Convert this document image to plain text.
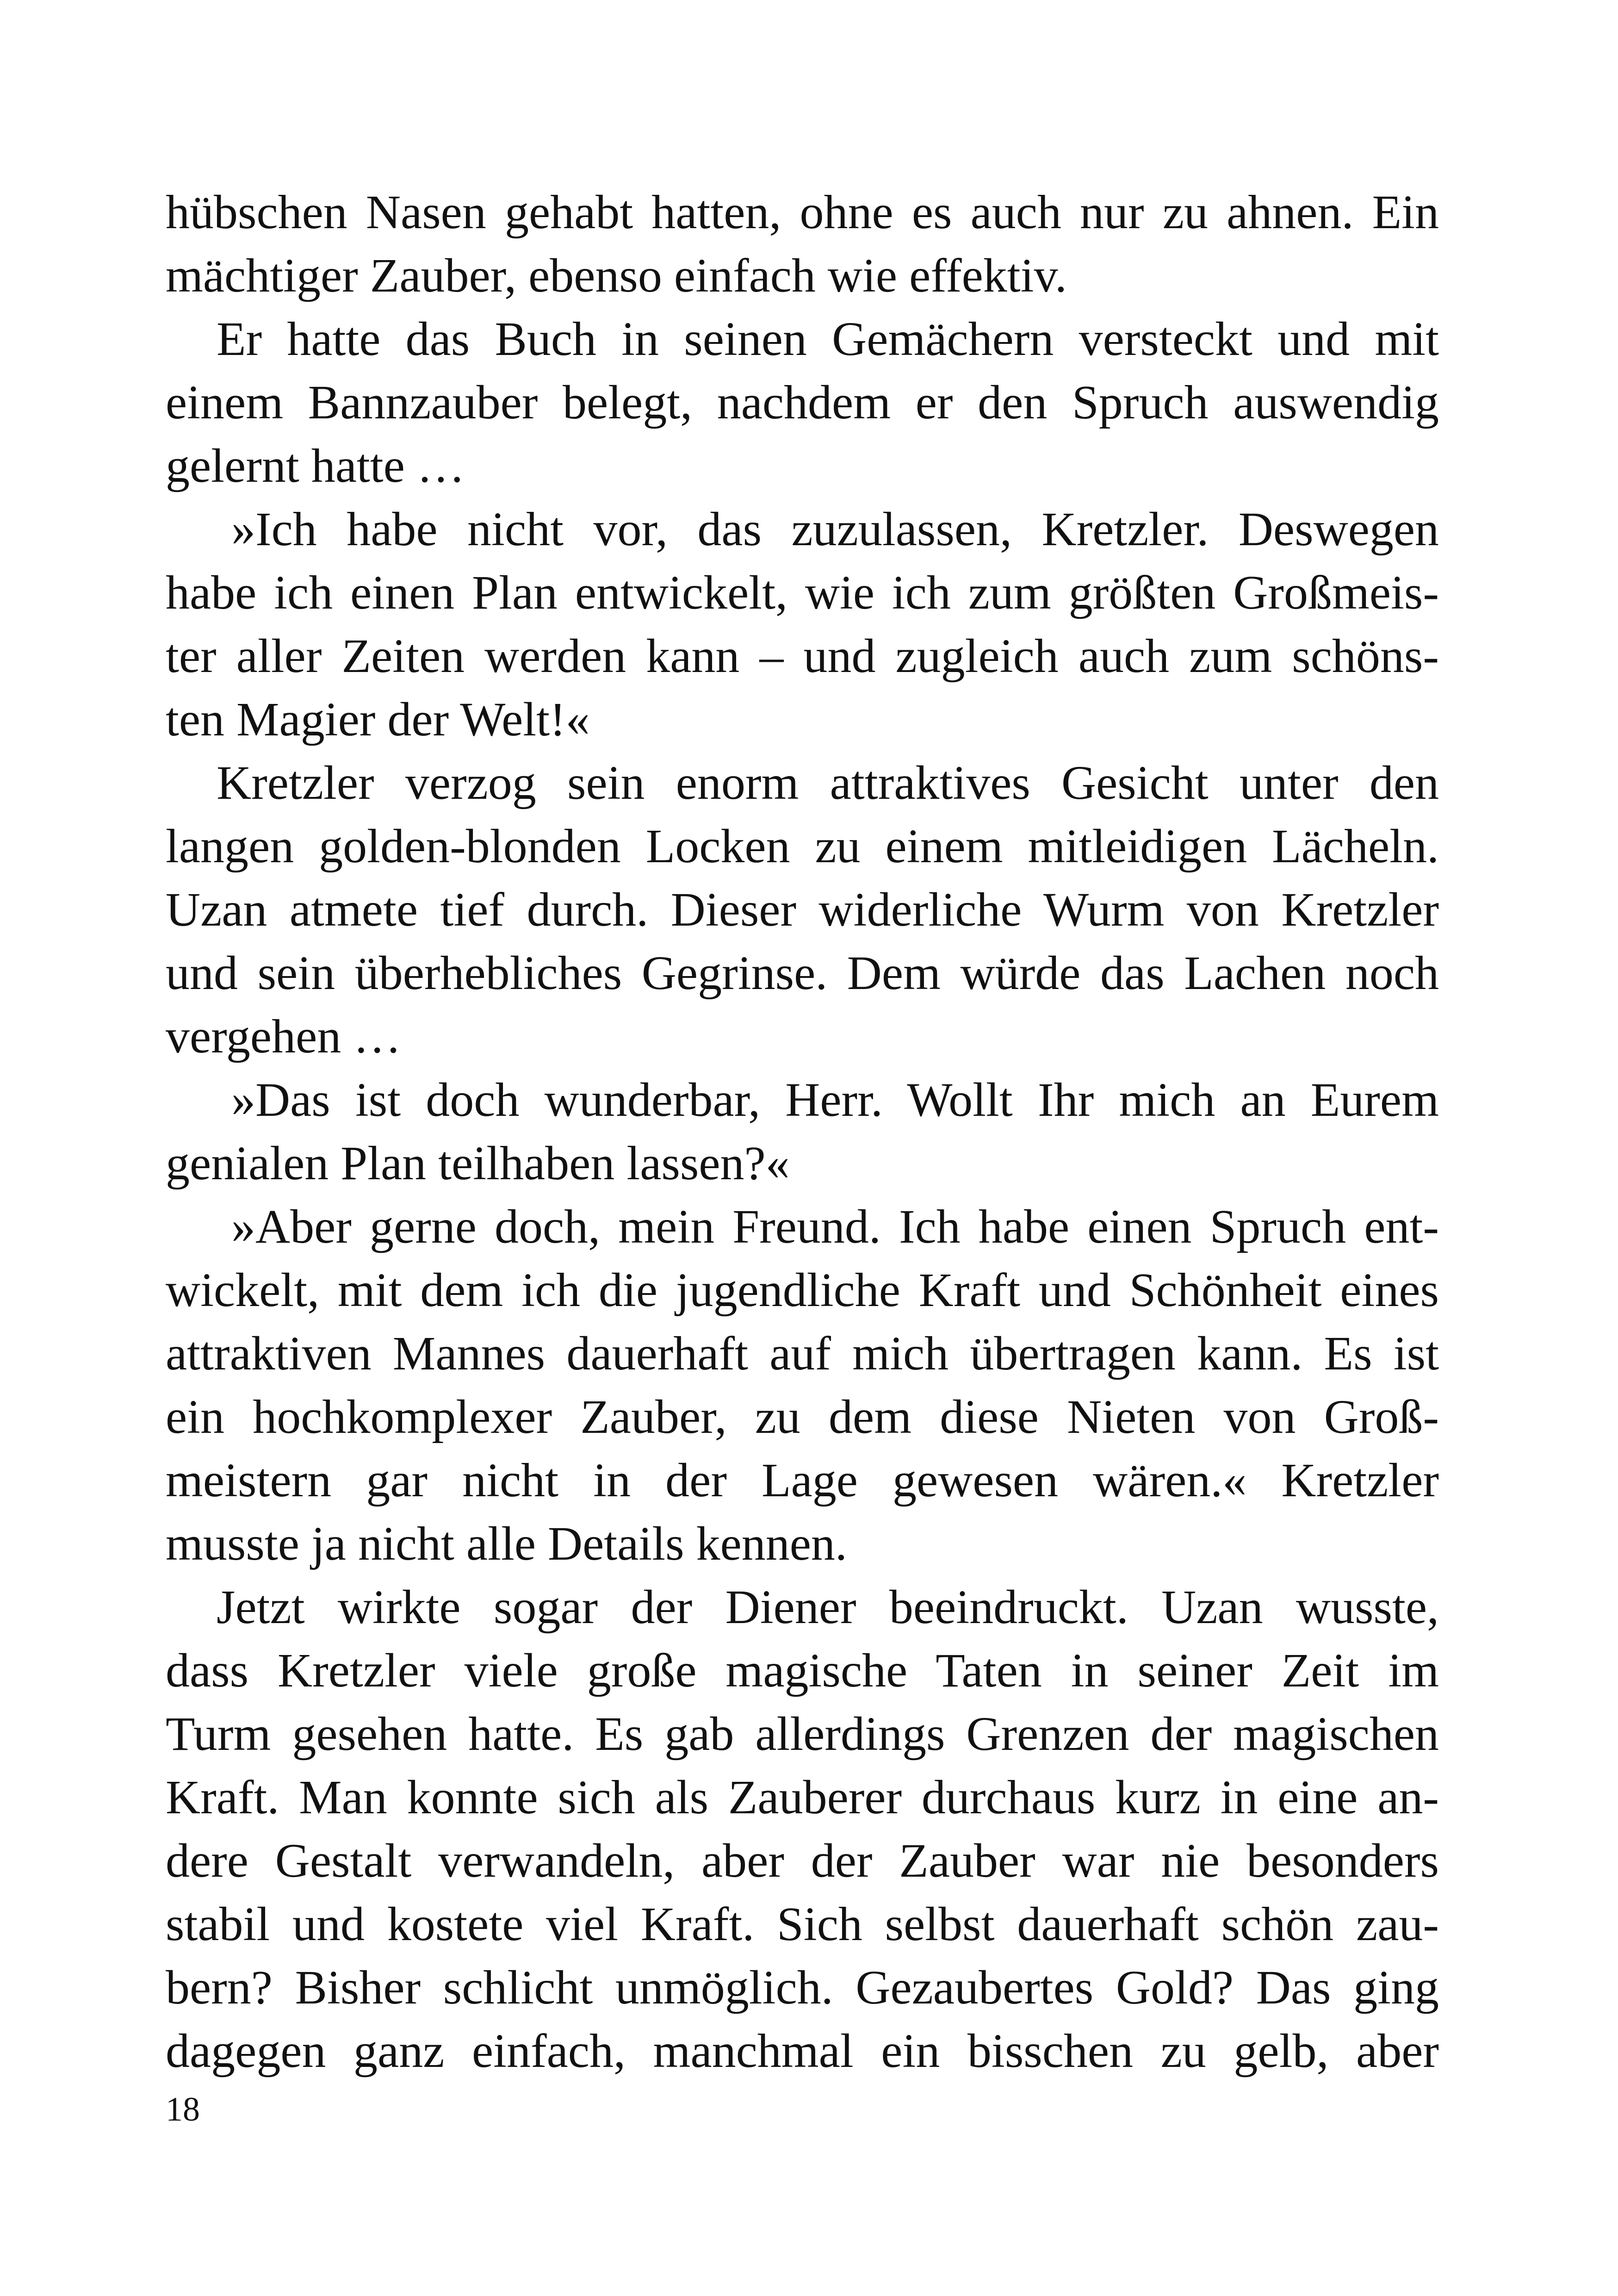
hübschen Nasen gehabt hatten, ohne es auch nur zu ahnen. Ein
mächtiger Zauber, ebenso einfach wie effektiv.
Er hatte das Buch in seinen Gemächern versteckt und mit
einem Bannzauber belegt, nachdem er den Spruch auswendig
gelernt hatte …
»Ich habe nicht vor, das zuzulassen, Kretzler. Deswegen
habe ich einen Plan entwickelt, wie ich zum größten Großmeis-
ter aller Zeiten werden kann – und zugleich auch zum schöns-
ten Magier der Welt!«
Kretzler verzog sein enorm attraktives Gesicht unter den
langen golden-blonden Locken zu einem mitleidigen Lächeln.
Uzan atmete tief durch. Dieser widerliche Wurm von Kretzler
und sein überhebliches Gegrinse. Dem würde das Lachen noch
vergehen …
»Das ist doch wunderbar, Herr. Wollt Ihr mich an Eurem
genialen Plan teilhaben lassen?«
»Aber gerne doch, mein Freund. Ich habe einen Spruch ent-
wickelt, mit dem ich die jugendliche Kraft und Schönheit eines
attraktiven Mannes dauerhaft auf mich übertragen kann. Es ist
ein hochkomplexer Zauber, zu dem diese Nieten von Groß-
meistern gar nicht in der Lage gewesen wären.« Kretzler
musste ja nicht alle Details kennen.
Jetzt wirkte sogar der Diener beeindruckt. Uzan wusste,
dass Kretzler viele große magische Taten in seiner Zeit im
Turm gesehen hatte. Es gab allerdings Grenzen der magischen
Kraft. Man konnte sich als Zauberer durchaus kurz in eine an-
dere Gestalt verwandeln, aber der Zauber war nie besonders
stabil und kostete viel Kraft. Sich selbst dauerhaft schön zau-
bern? Bisher schlicht unmöglich. Gezaubertes Gold? Das ging
dagegen ganz einfach, manchmal ein bisschen zu gelb, aber
18
